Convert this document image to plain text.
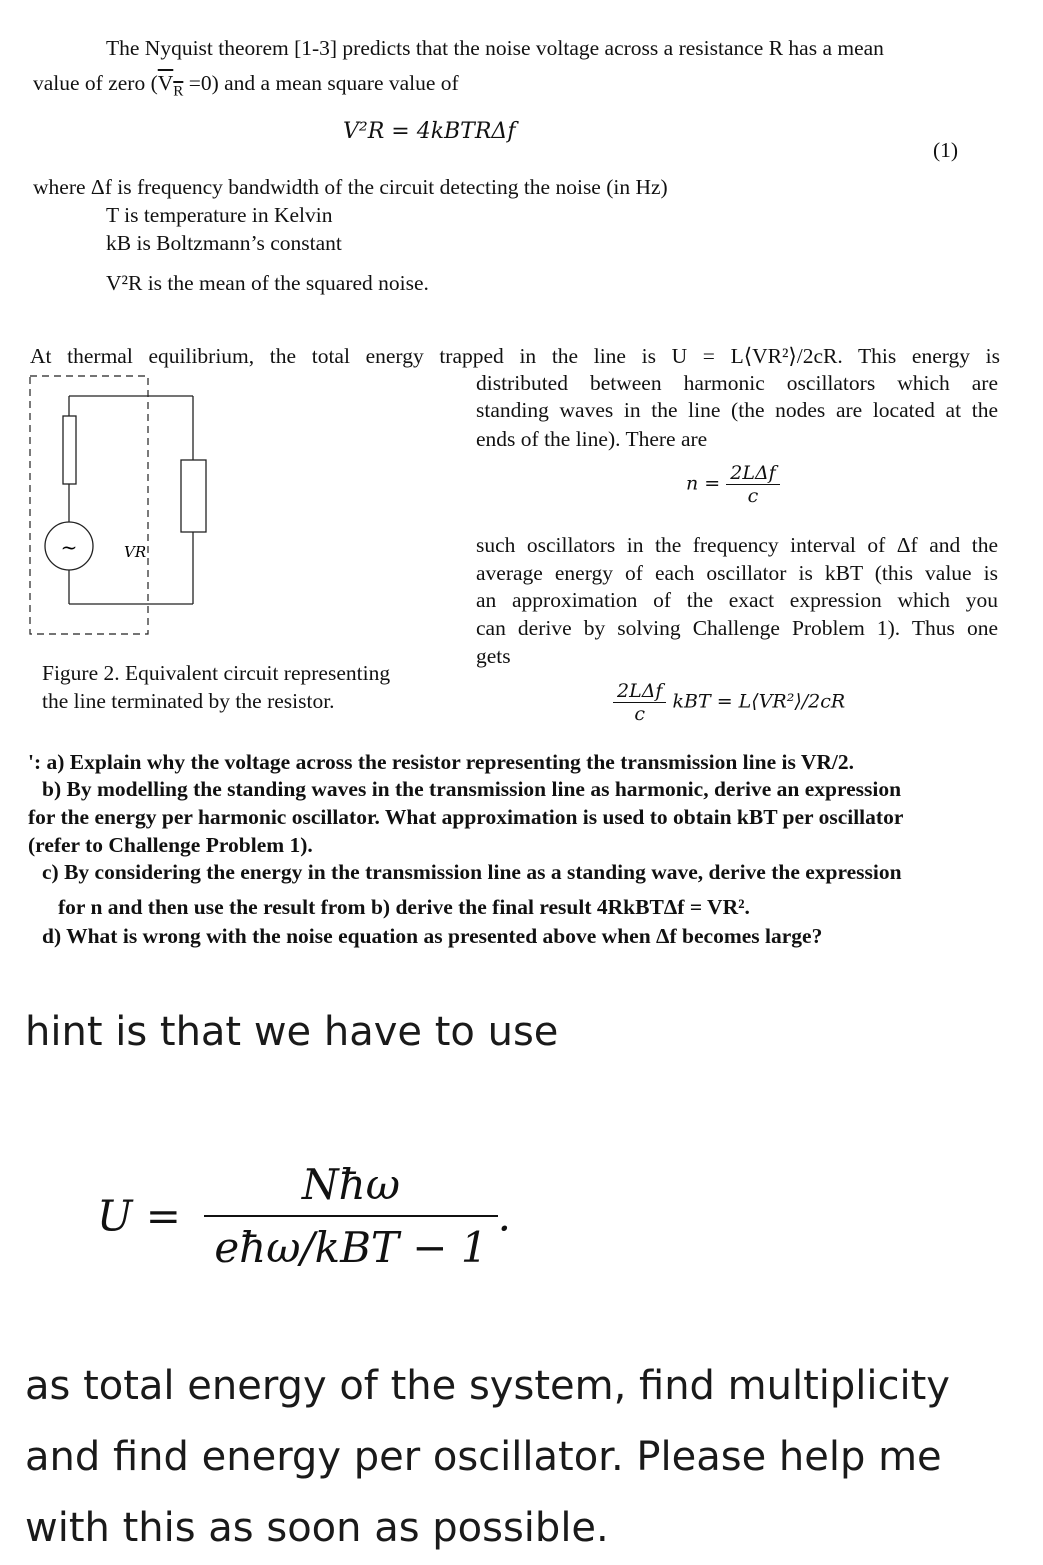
The Nyquist theorem [1-3] predicts that the noise voltage across a resistance R has a mean
value of zero $(V_R =0)$ and a mean square value of
V²R = 4kBTRΔf
(1)
where Δf is frequency bandwidth of the circuit detecting the noise (in Hz)
T is temperature in Kelvin
kB is Boltzmann’s constant
V²R is the mean of the squared noise.
At thermal equilibrium, the total energy trapped in the line is U = L⟨VR²⟩/2cR. This energy is
distributed between harmonic oscillators which are
standing waves in the line (the nodes are located at the
ends of the line). There are
$n = \frac{\text{2LΔf}}{c}$
such oscillators in the frequency interval of Δf and the
average energy of each oscillator is kBT (this value is
an approximation of the exact expression which you
can derive by solving Challenge Problem 1). Thus one
gets
~	VR
Figure 2. Equivalent circuit representing
the line terminated by the resistor.	$\frac{\text{2LΔf}}{c}$ kBT = L⟨VR²⟩/2cR
': a) Explain why the voltage across the resistor representing the transmission line is VR/2.
b) By modelling the standing waves in the transmission line as harmonic, derive an expression
for the energy per harmonic oscillator. What approximation is used to obtain kBT per oscillator
(refer to Challenge Problem 1).
c) By considering the energy in the transmission line as a standing wave, derive the expression
for n and then use the result from b) derive the final result 4RkBTΔf = VR².
d) What is wrong with the noise equation as presented above when Δf becomes large?
hint is that we have to use
$U = \frac{\text{Nħω}}{\text{eħω/kBT − 1}}$ .
as total energy of the system, find multiplicity
and find energy per oscillator. Please help me
with this as soon as possible.
